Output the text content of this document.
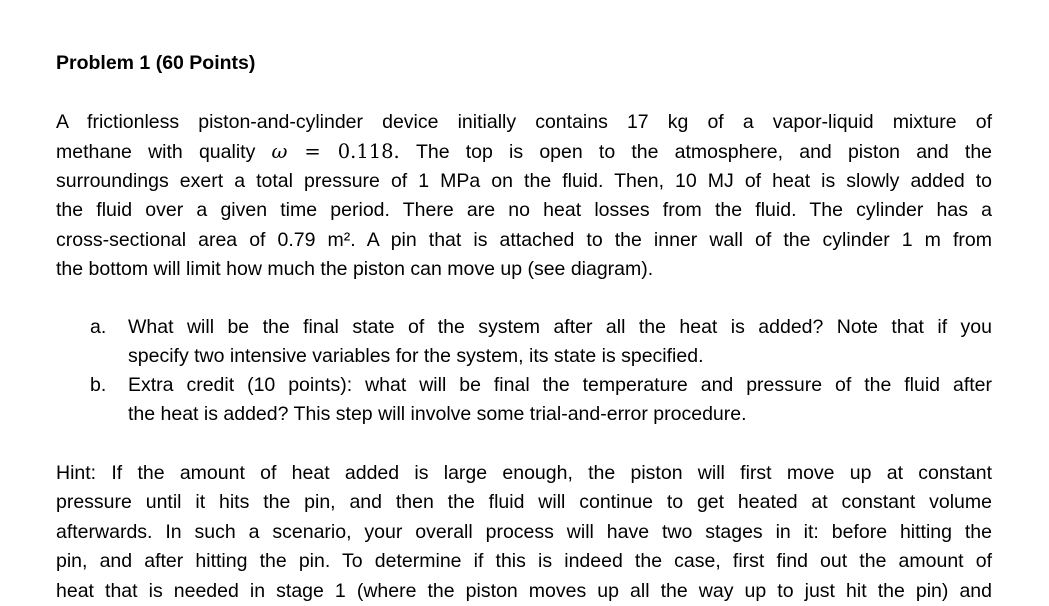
Problem 1 (60 Points)
A frictionless piston-and-cylinder device initially contains 17 kg of a vapor-liquid mixture of
methane with quality ω = 0.118. The top is open to the atmosphere, and piston and the
surroundings exert a total pressure of 1 MPa on the fluid. Then, 10 MJ of heat is slowly added to
the fluid over a given time period. There are no heat losses from the fluid. The cylinder has a
cross-sectional area of 0.79 m². A pin that is attached to the inner wall of the cylinder 1 m from
the bottom will limit how much the piston can move up (see diagram).
a. What will be the final state of the system after all the heat is added? Note that if you
specify two intensive variables for the system, its state is specified.
b. Extra credit (10 points): what will be final the temperature and pressure of the fluid after
the heat is added? This step will involve some trial-and-error procedure.
Hint: If the amount of heat added is large enough, the piston will first move up at constant
pressure until it hits the pin, and then the fluid will continue to get heated at constant volume
afterwards. In such a scenario, your overall process will have two stages in it: before hitting the
pin, and after hitting the pin. To determine if this is indeed the case, first find out the amount of
heat that is needed in stage 1 (where the piston moves up all the way up to just hit the pin) and
